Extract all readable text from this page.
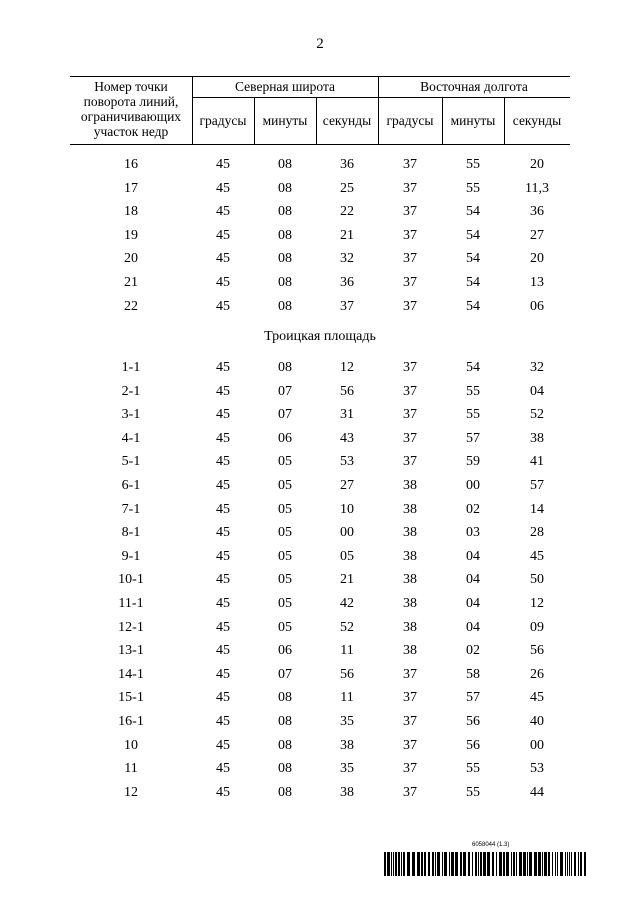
2
Номер точки поворота линий, ограничивающих участок недр
Северная широта	Восточная долгота
градусы	минуты	секунды	градусы	минуты	секунды
16	45	08	36	37	55	20
17	45	08	25	37	55	11,3
18	45	08	22	37	54	36
19	45	08	21	37	54	27
20	45	08	32	37	54	20
21	45	08	36	37	54	13
22	45	08	37	37	54	06
Троицкая площадь
1-1	45	08	12	37	54	32
2-1	45	07	56	37	55	04
3-1	45	07	31	37	55	52
4-1	45	06	43	37	57	38
5-1	45	05	53	37	59	41
6-1	45	05	27	38	00	57
7-1	45	05	10	38	02	14
8-1	45	05	00	38	03	28
9-1	45	05	05	38	04	45
10-1	45	05	21	38	04	50
11-1	45	05	42	38	04	12
12-1	45	05	52	38	04	09
13-1	45	06	11	38	02	56
14-1	45	07	56	37	58	26
15-1	45	08	11	37	57	45
16-1	45	08	35	37	56	40
10	45	08	38	37	56	00
11	45	08	35	37	55	53
12	45	08	38	37	55	44
6058044 (1.3)
